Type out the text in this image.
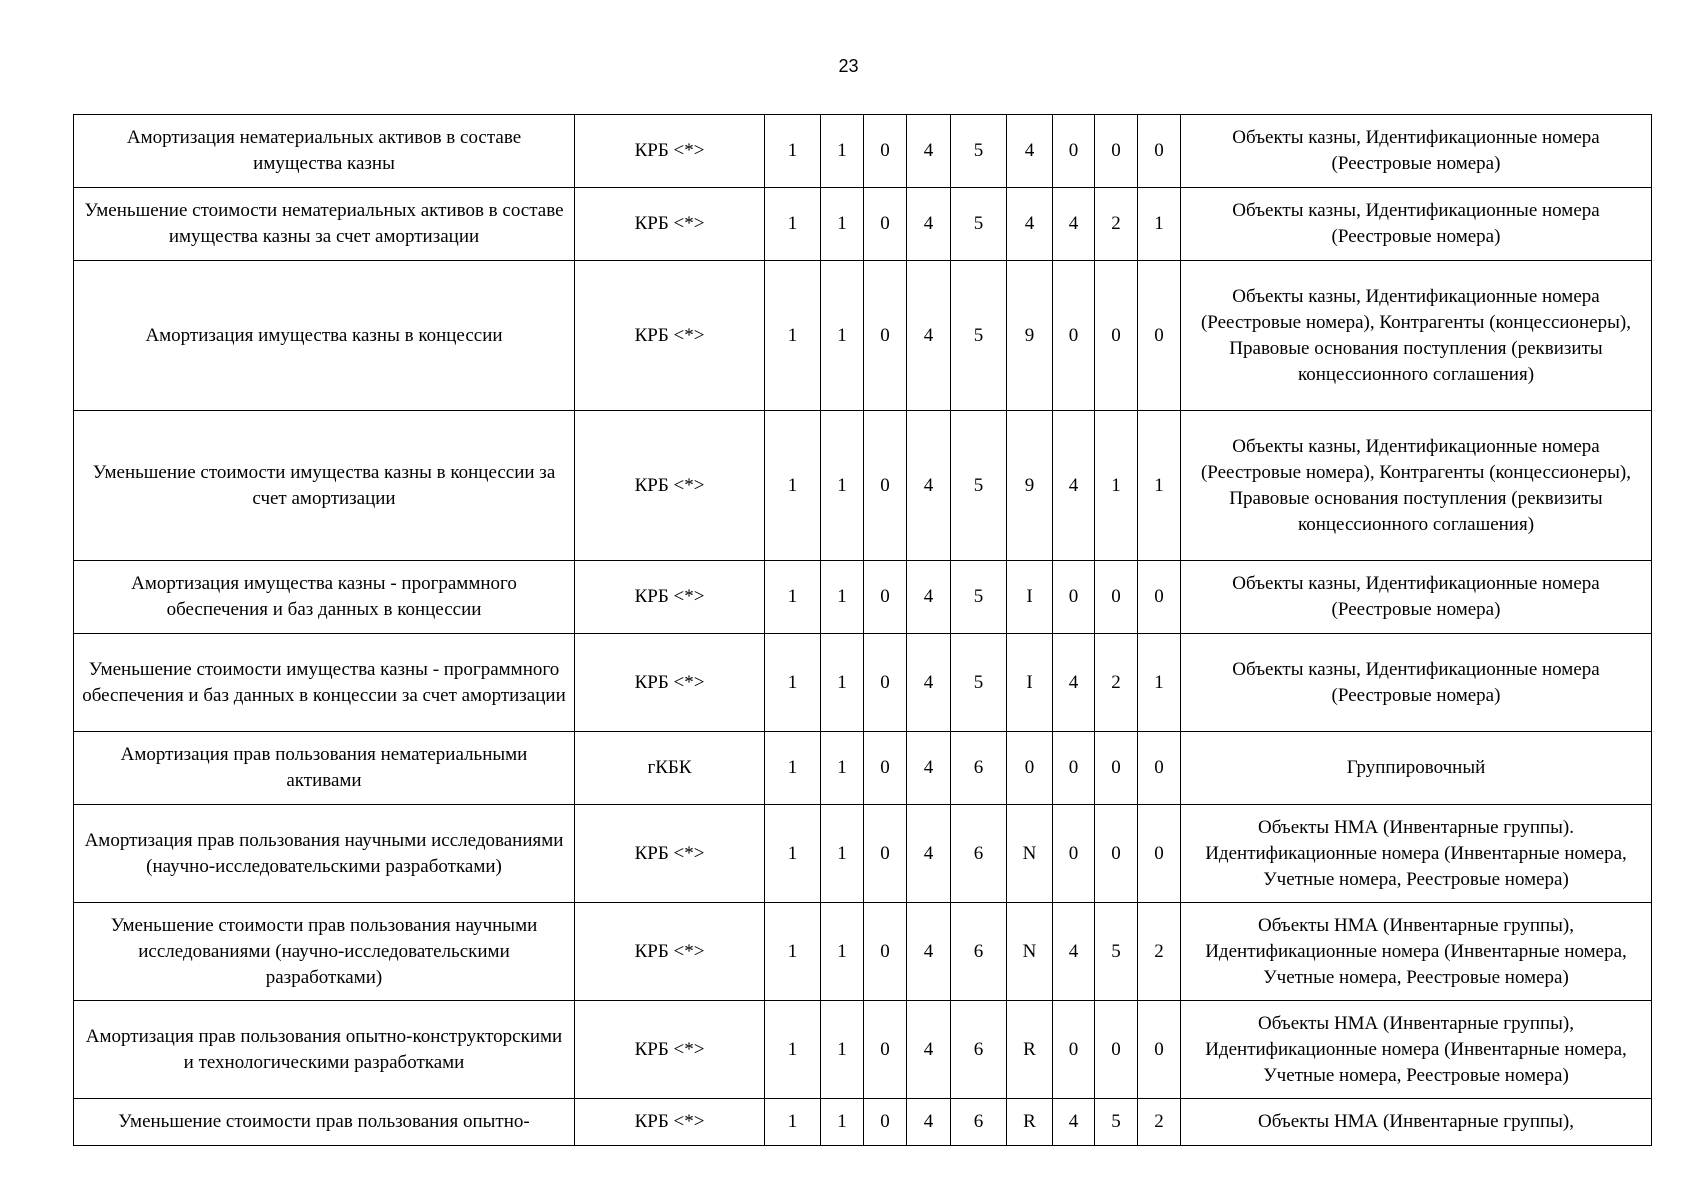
23
Амортизация нематериальных активов в составе имущества казны	КРБ <*>	1	1	0	4	5	4	0	0	0	Объекты казны, Идентификационные номера (Реестровые номера)
Уменьшение стоимости нематериальных активов в составе имущества казны за счет амортизации	КРБ <*>	1	1	0	4	5	4	4	2	1	Объекты казны, Идентификационные номера (Реестровые номера)
Амортизация имущества казны в концессии	КРБ <*>	1	1	0	4	5	9	0	0	0	Объекты казны, Идентификационные номера (Реестровые номера), Контрагенты (концессионеры), Правовые основания поступления (реквизиты концессионного соглашения)
Уменьшение стоимости имущества казны в концессии за счет амортизации	КРБ <*>	1	1	0	4	5	9	4	1	1	Объекты казны, Идентификационные номера (Реестровые номера), Контрагенты (концессионеры), Правовые основания поступления (реквизиты концессионного соглашения)
Амортизация имущества казны - программного обеспечения и баз данных в концессии	КРБ <*>	1	1	0	4	5	I	0	0	0	Объекты казны, Идентификационные номера (Реестровые номера)
Уменьшение стоимости имущества казны - программного обеспечения и баз данных в концессии за счет амортизации	КРБ <*>	1	1	0	4	5	I	4	2	1	Объекты казны, Идентификационные номера (Реестровые номера)
Амортизация прав пользования нематериальными активами	гКБК	1	1	0	4	6	0	0	0	0	Группировочный
Амортизация прав пользования научными исследованиями (научно-исследовательскими разработками)	КРБ <*>	1	1	0	4	6	N	0	0	0	Объекты НМА (Инвентарные группы). Идентификационные номера (Инвентарные номера, Учетные номера, Реестровые номера)
Уменьшение стоимости прав пользования научными исследованиями (научно-исследовательскими разработками)	КРБ <*>	1	1	0	4	6	N	4	5	2	Объекты НМА (Инвентарные группы), Идентификационные номера (Инвентарные номера, Учетные номера, Реестровые номера)
Амортизация прав пользования опытно-конструкторскими и технологическими разработками	КРБ <*>	1	1	0	4	6	R	0	0	0	Объекты НМА (Инвентарные группы), Идентификационные номера (Инвентарные номера, Учетные номера, Реестровые номера)
Уменьшение стоимости прав пользования опытно-	КРБ <*>	1	1	0	4	6	R	4	5	2	Объекты НМА (Инвентарные группы),
